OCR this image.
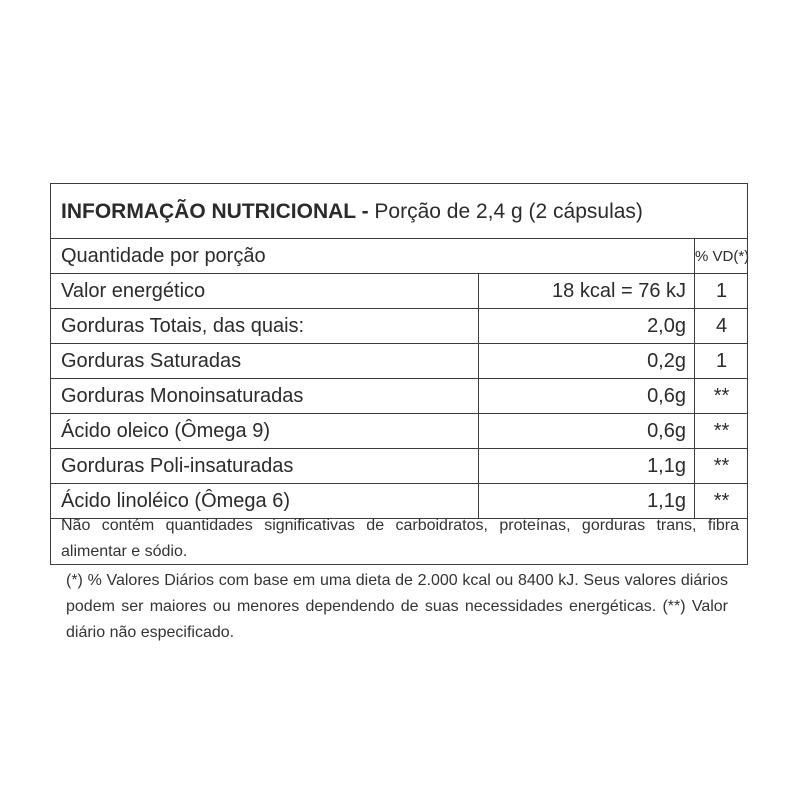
INFORMAÇÃO NUTRICIONAL - Porção de 2,4 g (2 cápsulas)
Quantidade por porção	% VD(*)
Valor energético	18 kcal = 76 kJ	1
Gorduras Totais, das quais:	2,0g	4
Gorduras Saturadas	0,2g	1
Gorduras Monoinsaturadas	0,6g	**
Ácido oleico (Ômega 9)	0,6g	**
Gorduras Poli-insaturadas	1,1g	**
Ácido linoléico (Ômega 6)	1,1g	**
Não contém quantidades significativas de carboidratos, proteínas, gorduras trans, fibra alimentar e sódio.
(*) % Valores Diários com base em uma dieta de 2.000 kcal ou 8400 kJ. Seus valores diários podem ser maiores ou menores dependendo de suas necessidades energéticas. (**) Valor diário não especificado.
